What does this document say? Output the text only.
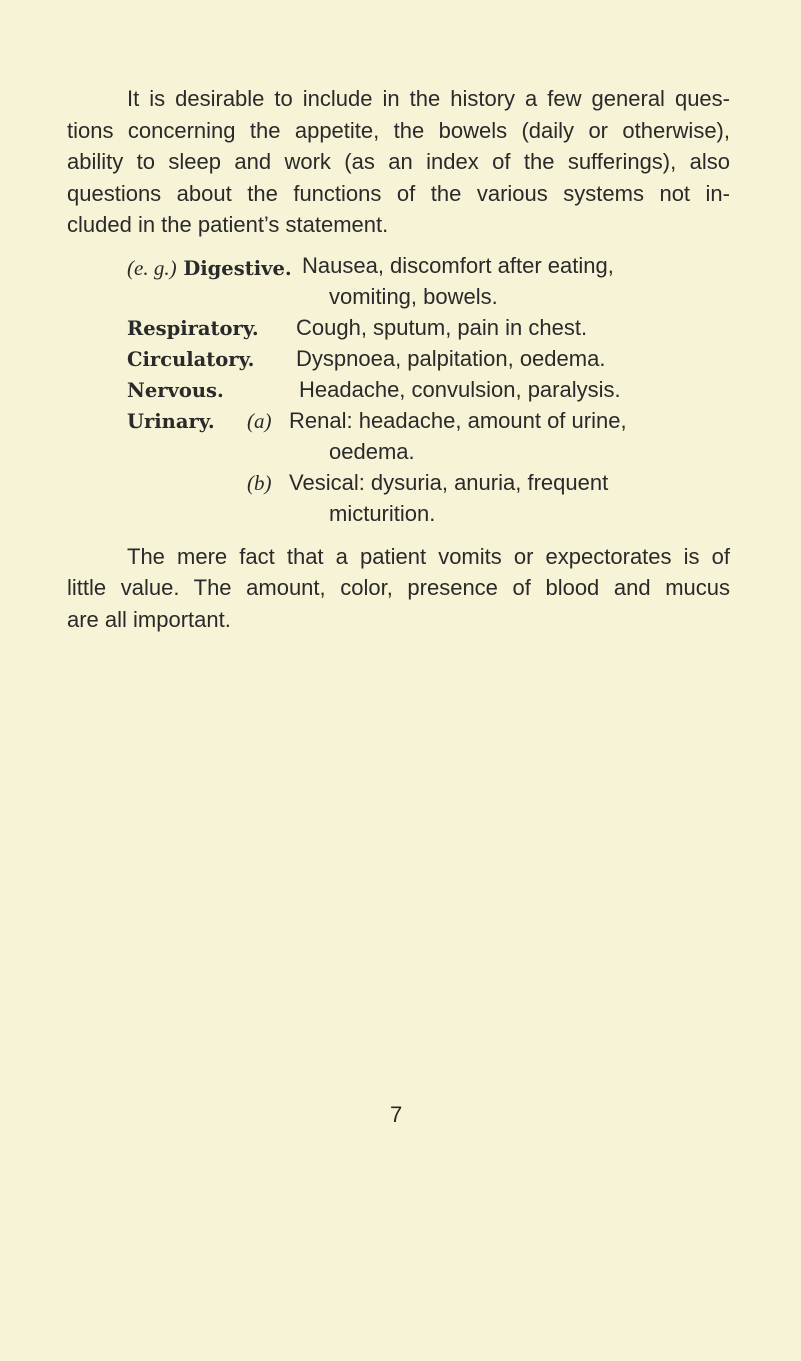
It is desirable to include in the history a few general ques-
tions concerning the appetite, the bowels (daily or otherwise),
ability to sleep and work (as an index of the sufferings), also
questions about the functions of the various systems not in-
cluded in the patient’s statement.

(e. g.) Digestive. Nausea, discomfort after eating,
vomiting, bowels.
Respiratory. Cough, sputum, pain in chest.
Circulatory. Dyspnoea, palpitation, oedema.
Nervous.	Headache, convulsion, paralysis.
Urinary. (a) Renal: headache, amount of urine,
oedema.
(b) Vesical: dysuria, anuria, frequent
micturition.

The mere fact that a patient vomits or expectorates is of
little value. The amount, color, presence of blood and mucus
are all important.

7
